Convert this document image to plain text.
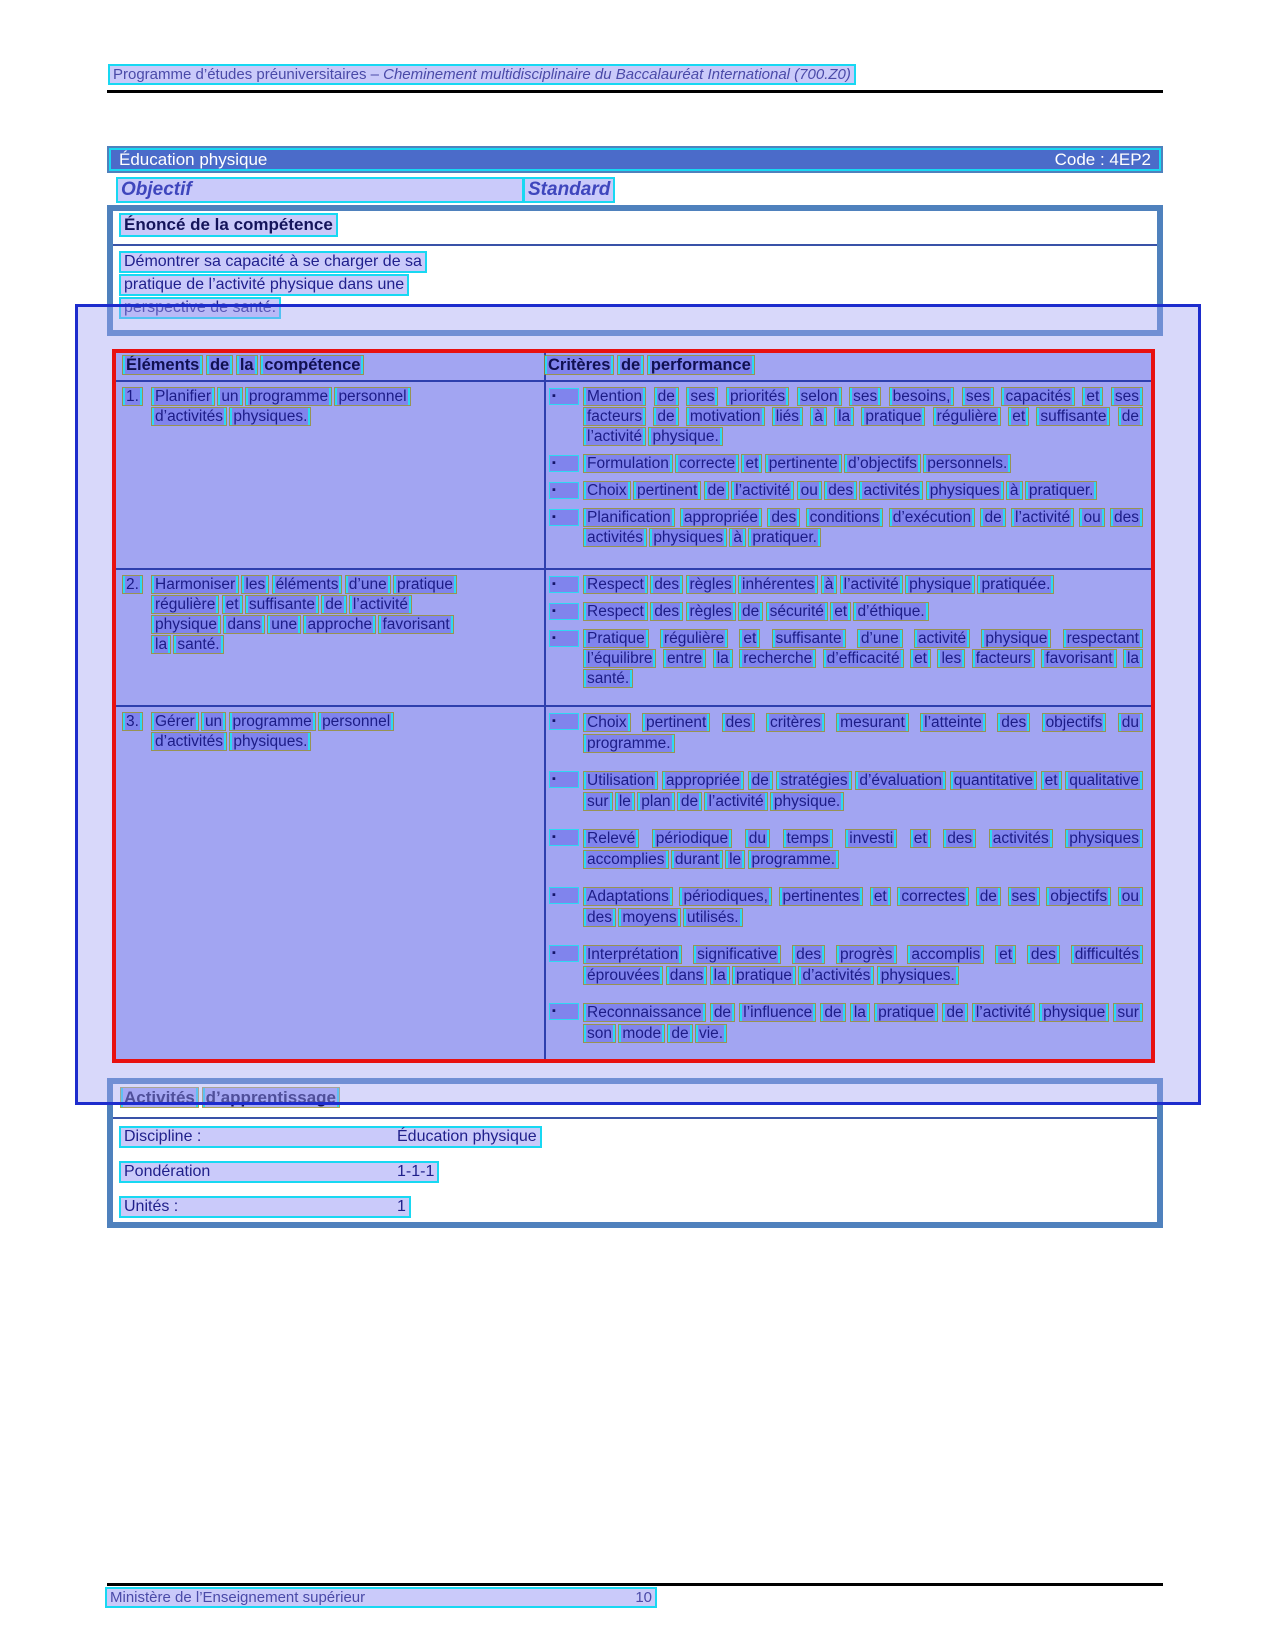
Programme d’études préuniversitaires – Cheminement multidisciplinaire du Baccalauréat International (700.Z0)
Éducation physique	Code : 4EP2
Objectif	Standard
Énoncé de la compétence
Démontrer sa capacité à se charger de sa
pratique de l’activité physique dans une
perspective de santé.
Éléments de la compétence	Critères de performance
1.	Planifier un programme personnel d’activités physiques.
▪	Mention de ses priorités selon ses besoins, ses capacités et ses facteurs de motivation liés à la pratique régulière et suffisante de l’activité physique.
▪	Formulation correcte et pertinente d’objectifs personnels.
▪	Choix pertinent de l’activité ou des activités physiques à pratiquer.
▪	Planification appropriée des conditions d’exécution de l’activité ou des activités physiques à pratiquer.
2.	Harmoniser les éléments d’une pratique régulière et suffisante de l’activité physique dans une approche favorisant la santé.
▪	Respect des règles inhérentes à l’activité physique pratiquée.
▪	Respect des règles de sécurité et d’éthique.
▪	Pratique régulière et suffisante d’une activité physique respectant l’équilibre entre la recherche d’efficacité et les facteurs favorisant la santé.
3.	Gérer un programme personnel d’activités physiques.
▪	Choix pertinent des critères mesurant l’atteinte des objectifs du programme.
▪	Utilisation appropriée de stratégies d’évaluation quantitative et qualitative sur le plan de l’activité physique.
▪	Relevé périodique du temps investi et des activités physiques accomplies durant le programme.
▪	Adaptations périodiques, pertinentes et correctes de ses objectifs ou des moyens utilisés.
▪	Interprétation significative des progrès accomplis et des difficultés éprouvées dans la pratique d’activités physiques.
▪	Reconnaissance de l’influence de la pratique de l’activité physique sur son mode de vie.
Activités d’apprentissage
Discipline :	Éducation physique
Pondération	1-1-1
Unités :	1
Ministère de l’Enseignement supérieur	10
